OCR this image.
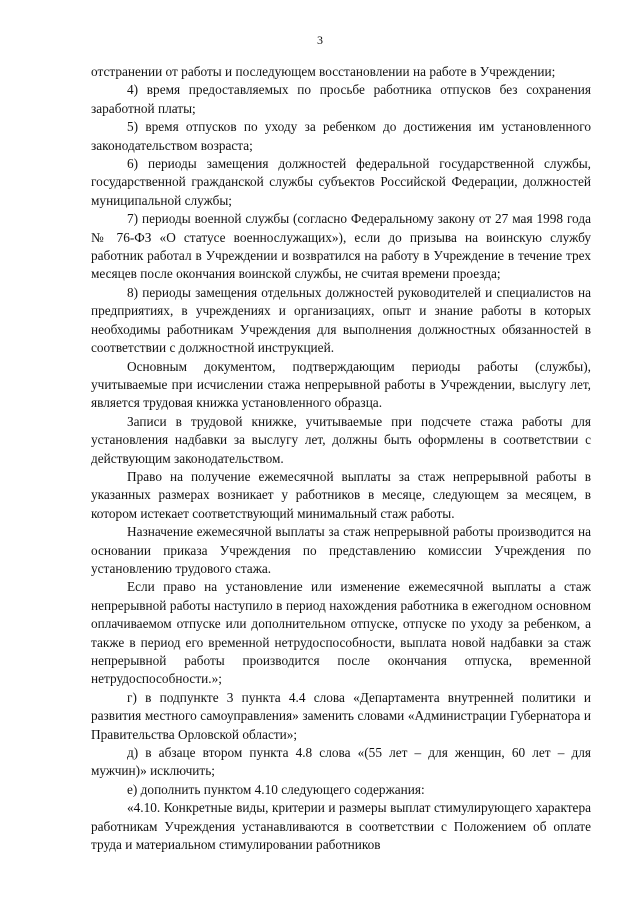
3

отстранении от работы и последующем восстановлении на работе в Учреждении;

4) время предоставляемых по просьбе работника отпусков без сохранения заработной платы;

5) время отпусков по уходу за ребенком до достижения им установленного законодательством возраста;

6) периоды замещения должностей федеральной государственной службы, государственной гражданской службы субъектов Российской Федерации, должностей муниципальной службы;

7) периоды военной службы (согласно Федеральному закону от 27 мая 1998 года № 76-ФЗ «О статусе военнослужащих»), если до призыва на воинскую службу работник работал в Учреждении и возвратился на работу в Учреждение в течение трех месяцев после окончания воинской службы, не считая времени проезда;

8) периоды замещения отдельных должностей руководителей и специалистов на предприятиях, в учреждениях и организациях, опыт и знание работы в которых необходимы работникам Учреждения для выполнения должностных обязанностей в соответствии с должностной инструкцией.

Основным документом, подтверждающим периоды работы (службы), учитываемые при исчислении стажа непрерывной работы в Учреждении, выслугу лет, является трудовая книжка установленного образца.

Записи в трудовой книжке, учитываемые при подсчете стажа работы для установления надбавки за выслугу лет, должны быть оформлены в соответствии с действующим законодательством.

Право на получение ежемесячной выплаты за стаж непрерывной работы в указанных размерах возникает у работников в месяце, следующем за месяцем, в котором истекает соответствующий минимальный стаж работы.

Назначение ежемесячной выплаты за стаж непрерывной работы производится на основании приказа Учреждения по представлению комиссии Учреждения по установлению трудового стажа.

Если право на установление или изменение ежемесячной выплаты а стаж непрерывной работы наступило в период нахождения работника в ежегодном основном оплачиваемом отпуске или дополнительном отпуске, отпуске по уходу за ребенком, а также в период его временной нетрудоспособности, выплата новой надбавки за стаж непрерывной работы производится после окончания отпуска, временной нетрудоспособности.»;

г) в подпункте 3 пункта 4.4 слова «Департамента внутренней политики и развития местного самоуправления» заменить словами «Администрации Губернатора и Правительства Орловской области»;

д) в абзаце втором пункта 4.8 слова «(55 лет – для женщин, 60 лет – для мужчин)» исключить;

е) дополнить пунктом 4.10 следующего содержания:

«4.10. Конкретные виды, критерии и размеры выплат стимулирующего характера работникам Учреждения устанавливаются в соответствии с Положением об оплате труда и материальном стимулировании работников
